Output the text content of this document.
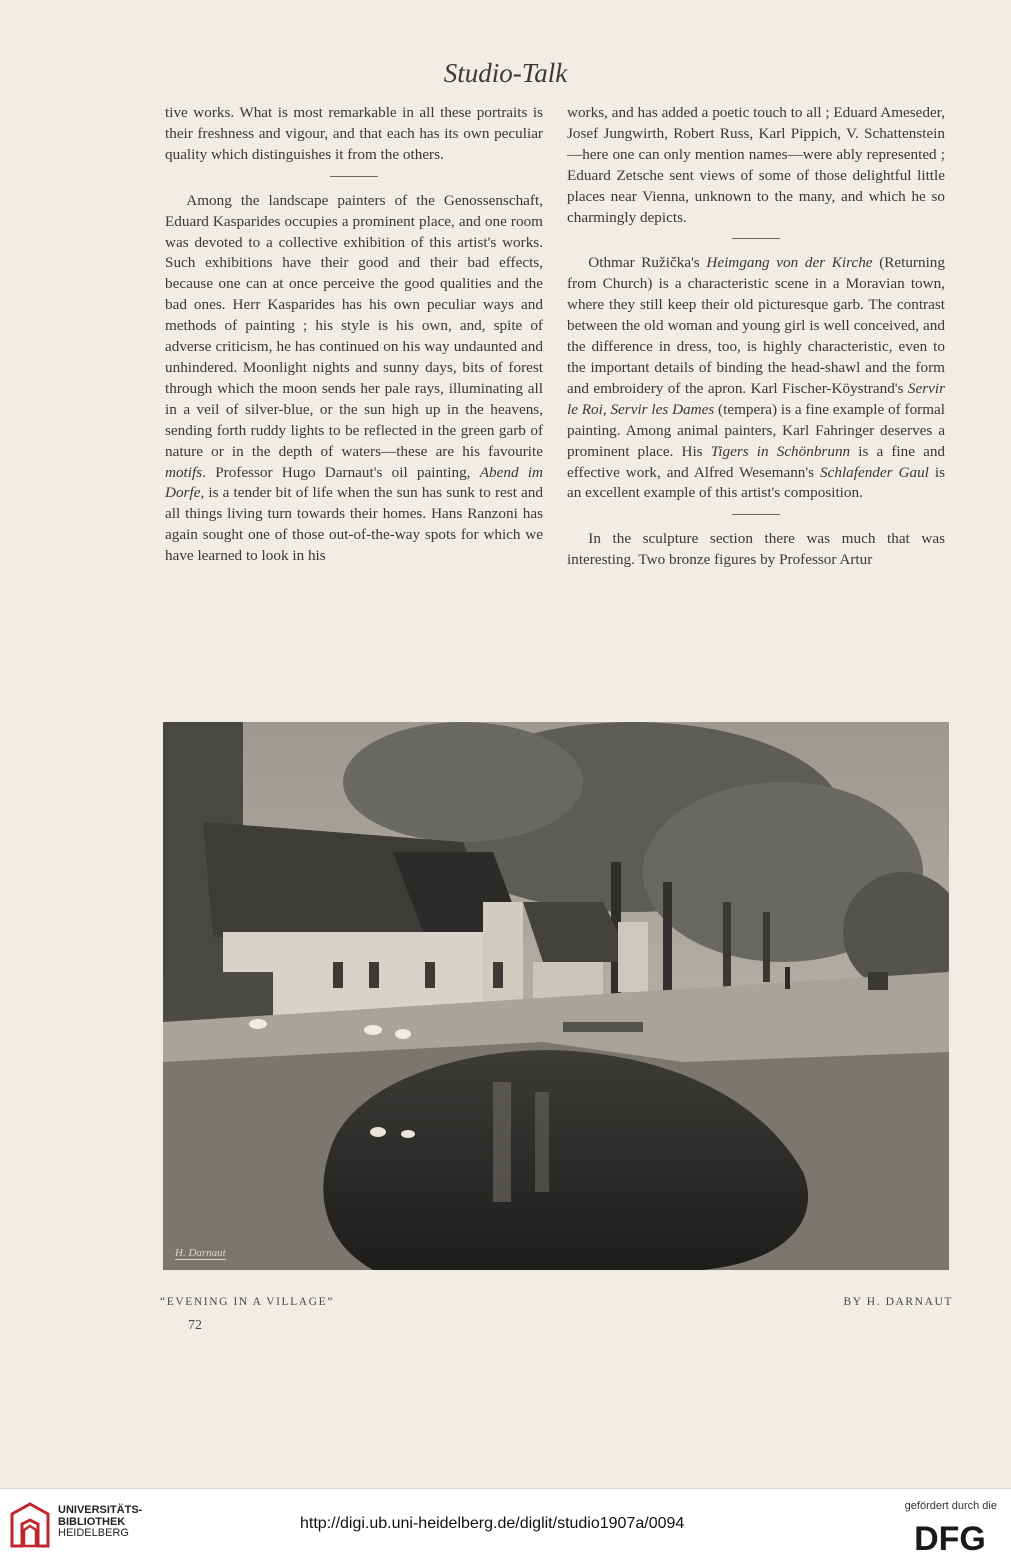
Studio-Talk

tive works. What is most remarkable in all these portraits is their freshness and vigour, and that each has its own peculiar quality which distinguishes it from the others.

Among the landscape painters of the Genossenschaft, Eduard Kasparides occupies a prominent place, and one room was devoted to a collective exhibition of this artist's works. Such exhibitions have their good and their bad effects, because one can at once perceive the good qualities and the bad ones. Herr Kasparides has his own peculiar ways and methods of painting ; his style is his own, and, spite of adverse criticism, he has continued on his way undaunted and unhindered. Moonlight nights and sunny days, bits of forest through which the moon sends her pale rays, illuminating all in a veil of silver-blue, or the sun high up in the heavens, sending forth ruddy lights to be reflected in the green garb of nature or in the depth of waters—these are his favourite motifs. Professor Hugo Darnaut's oil painting, Abend im Dorfe, is a tender bit of life when the sun has sunk to rest and all things living turn towards their homes. Hans Ranzoni has again sought one of those out-of-the-way spots for which we have learned to look in his

works, and has added a poetic touch to all ; Eduard Ameseder, Josef Jungwirth, Robert Russ, Karl Pippich, V. Schattenstein—here one can only mention names—were ably represented ; Eduard Zetsche sent views of some of those delightful little places near Vienna, unknown to the many, and which he so charmingly depicts.

Othmar Ružička's Heimgang von der Kirche (Returning from Church) is a characteristic scene in a Moravian town, where they still keep their old picturesque garb. The contrast between the old woman and young girl is well conceived, and the difference in dress, too, is highly characteristic, even to the important details of binding the head-shawl and the form and embroidery of the apron. Karl Fischer-Köystrand's Servir le Roi, Servir les Dames (tempera) is a fine example of formal painting. Among animal painters, Karl Fahringer deserves a prominent place. His Tigers in Schönbrunn is a fine and effective work, and Alfred Wesemann's Schlafender Gaul is an excellent example of this artist's composition.

In the sculpture section there was much that was interesting. Two bronze figures by Professor Artur

H. Darnaut
“EVENING IN A VILLAGE”	BY H. DARNAUT
72
UNIVERSITÄTS-
BIBLIOTHEK
HEIDELBERG
http://digi.ub.uni-heidelberg.de/diglit/studio1907a/0094
gefördert durch die
DFG
